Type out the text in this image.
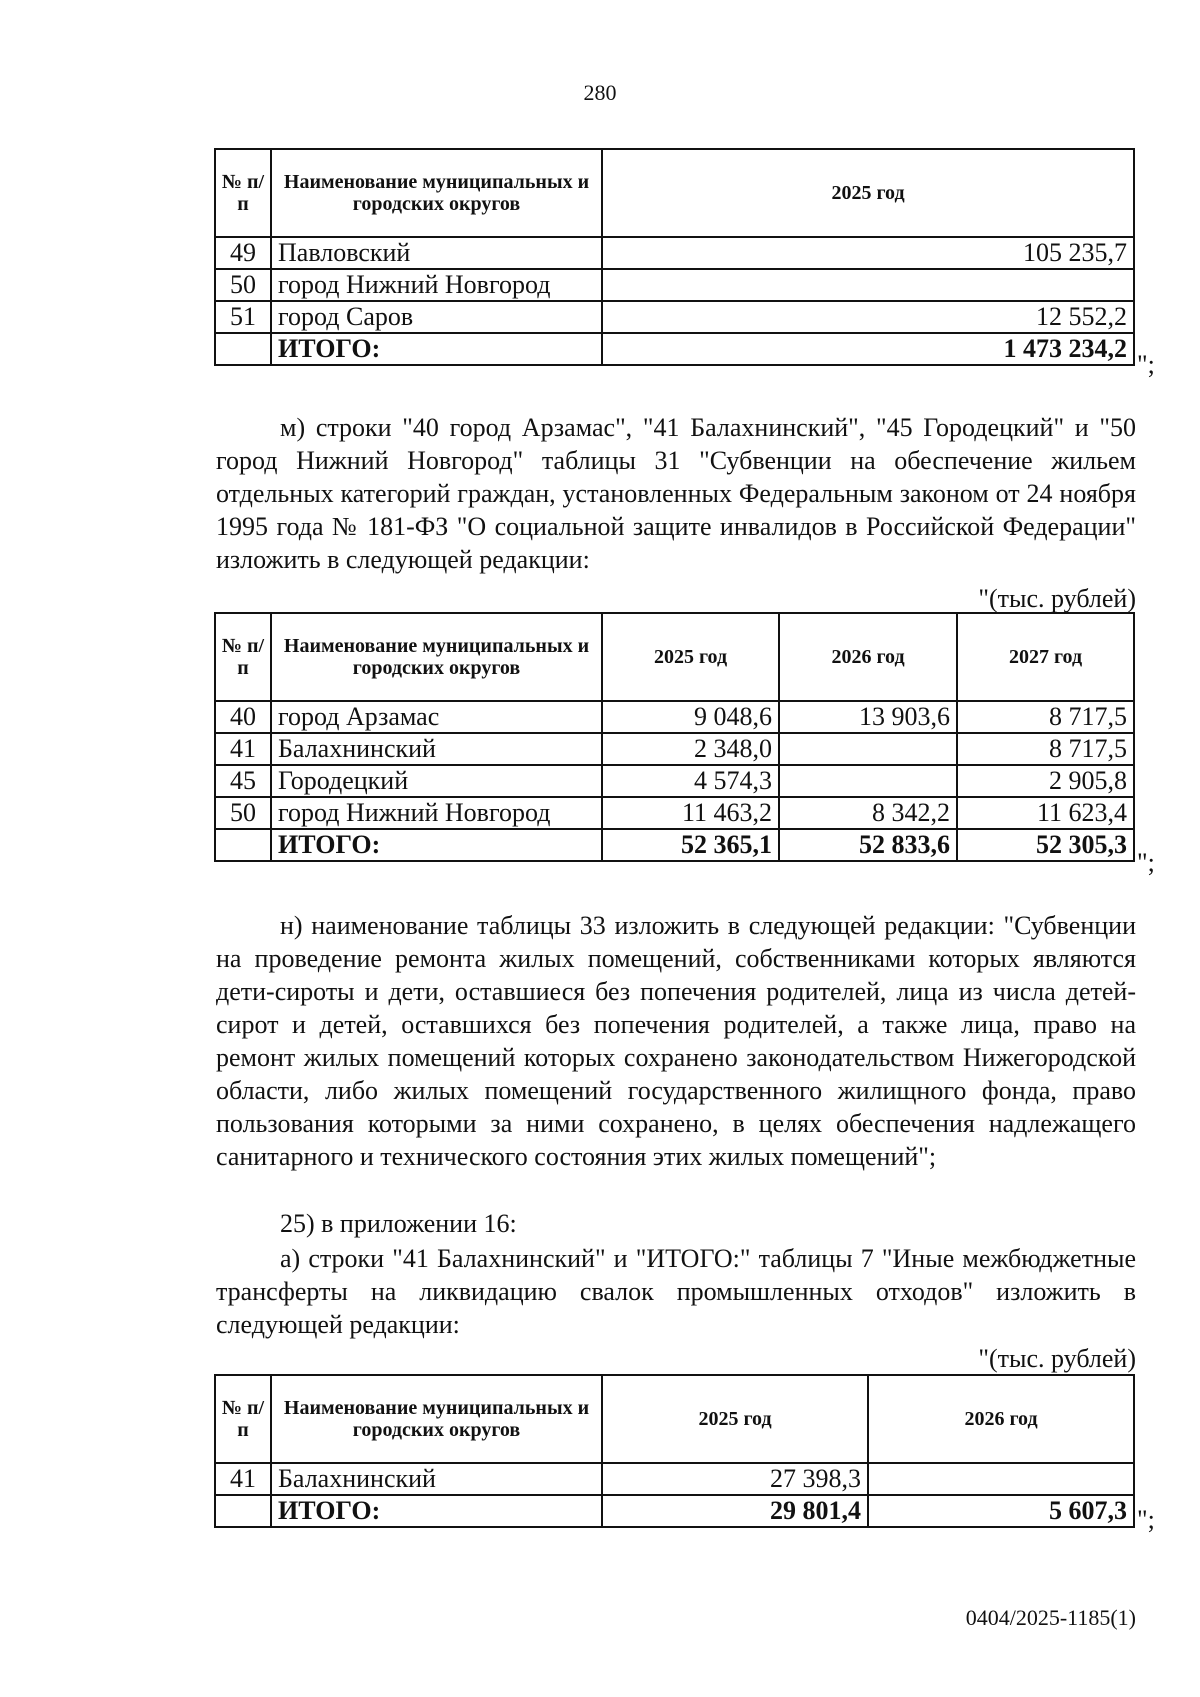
280
№ п/п	Наименование муниципальных и городских округов	2025 год
49	Павловский	105 235,7
50	город Нижний Новгород	
51	город Саров	12 552,2
	ИТОГО:	1 473 234,2
";
м) строки "40 город Арзамас", "41 Балахнинский", "45 Городецкий" и "50 город Нижний Новгород" таблицы 31 "Субвенции на обеспечение жильем отдельных категорий граждан, установленных Федеральным законом от 24 ноября 1995 года № 181-ФЗ "О социальной защите инвалидов в Российской Федерации" изложить в следующей редакции:
"(тыс. рублей)
№ п/п	Наименование муниципальных и городских округов	2025 год	2026 год	2027 год
40	город Арзамас	9 048,6	13 903,6	8 717,5
41	Балахнинский	2 348,0		8 717,5
45	Городецкий	4 574,3		2 905,8
50	город Нижний Новгород	11 463,2	8 342,2	11 623,4
	ИТОГО:	52 365,1	52 833,6	52 305,3
";
н) наименование таблицы 33 изложить в следующей редакции: "Субвенции на проведение ремонта жилых помещений, собственниками которых являются дети-сироты и дети, оставшиеся без попечения родителей, лица из числа детей-сирот и детей, оставшихся без попечения родителей, а также лица, право на ремонт жилых помещений которых сохранено законодательством Нижегородской области, либо жилых помещений государственного жилищного фонда, право пользования которыми за ними сохранено, в целях обеспечения надлежащего санитарного и технического состояния этих жилых помещений";
25) в приложении 16:
а) строки "41 Балахнинский" и "ИТОГО:" таблицы 7 "Иные межбюджетные трансферты на ликвидацию свалок промышленных отходов" изложить в следующей редакции:
"(тыс. рублей)
№ п/п	Наименование муниципальных и городских округов	2025 год	2026 год
41	Балахнинский	27 398,3	
	ИТОГО:	29 801,4	5 607,3 ";
0404/2025-1185(1)
